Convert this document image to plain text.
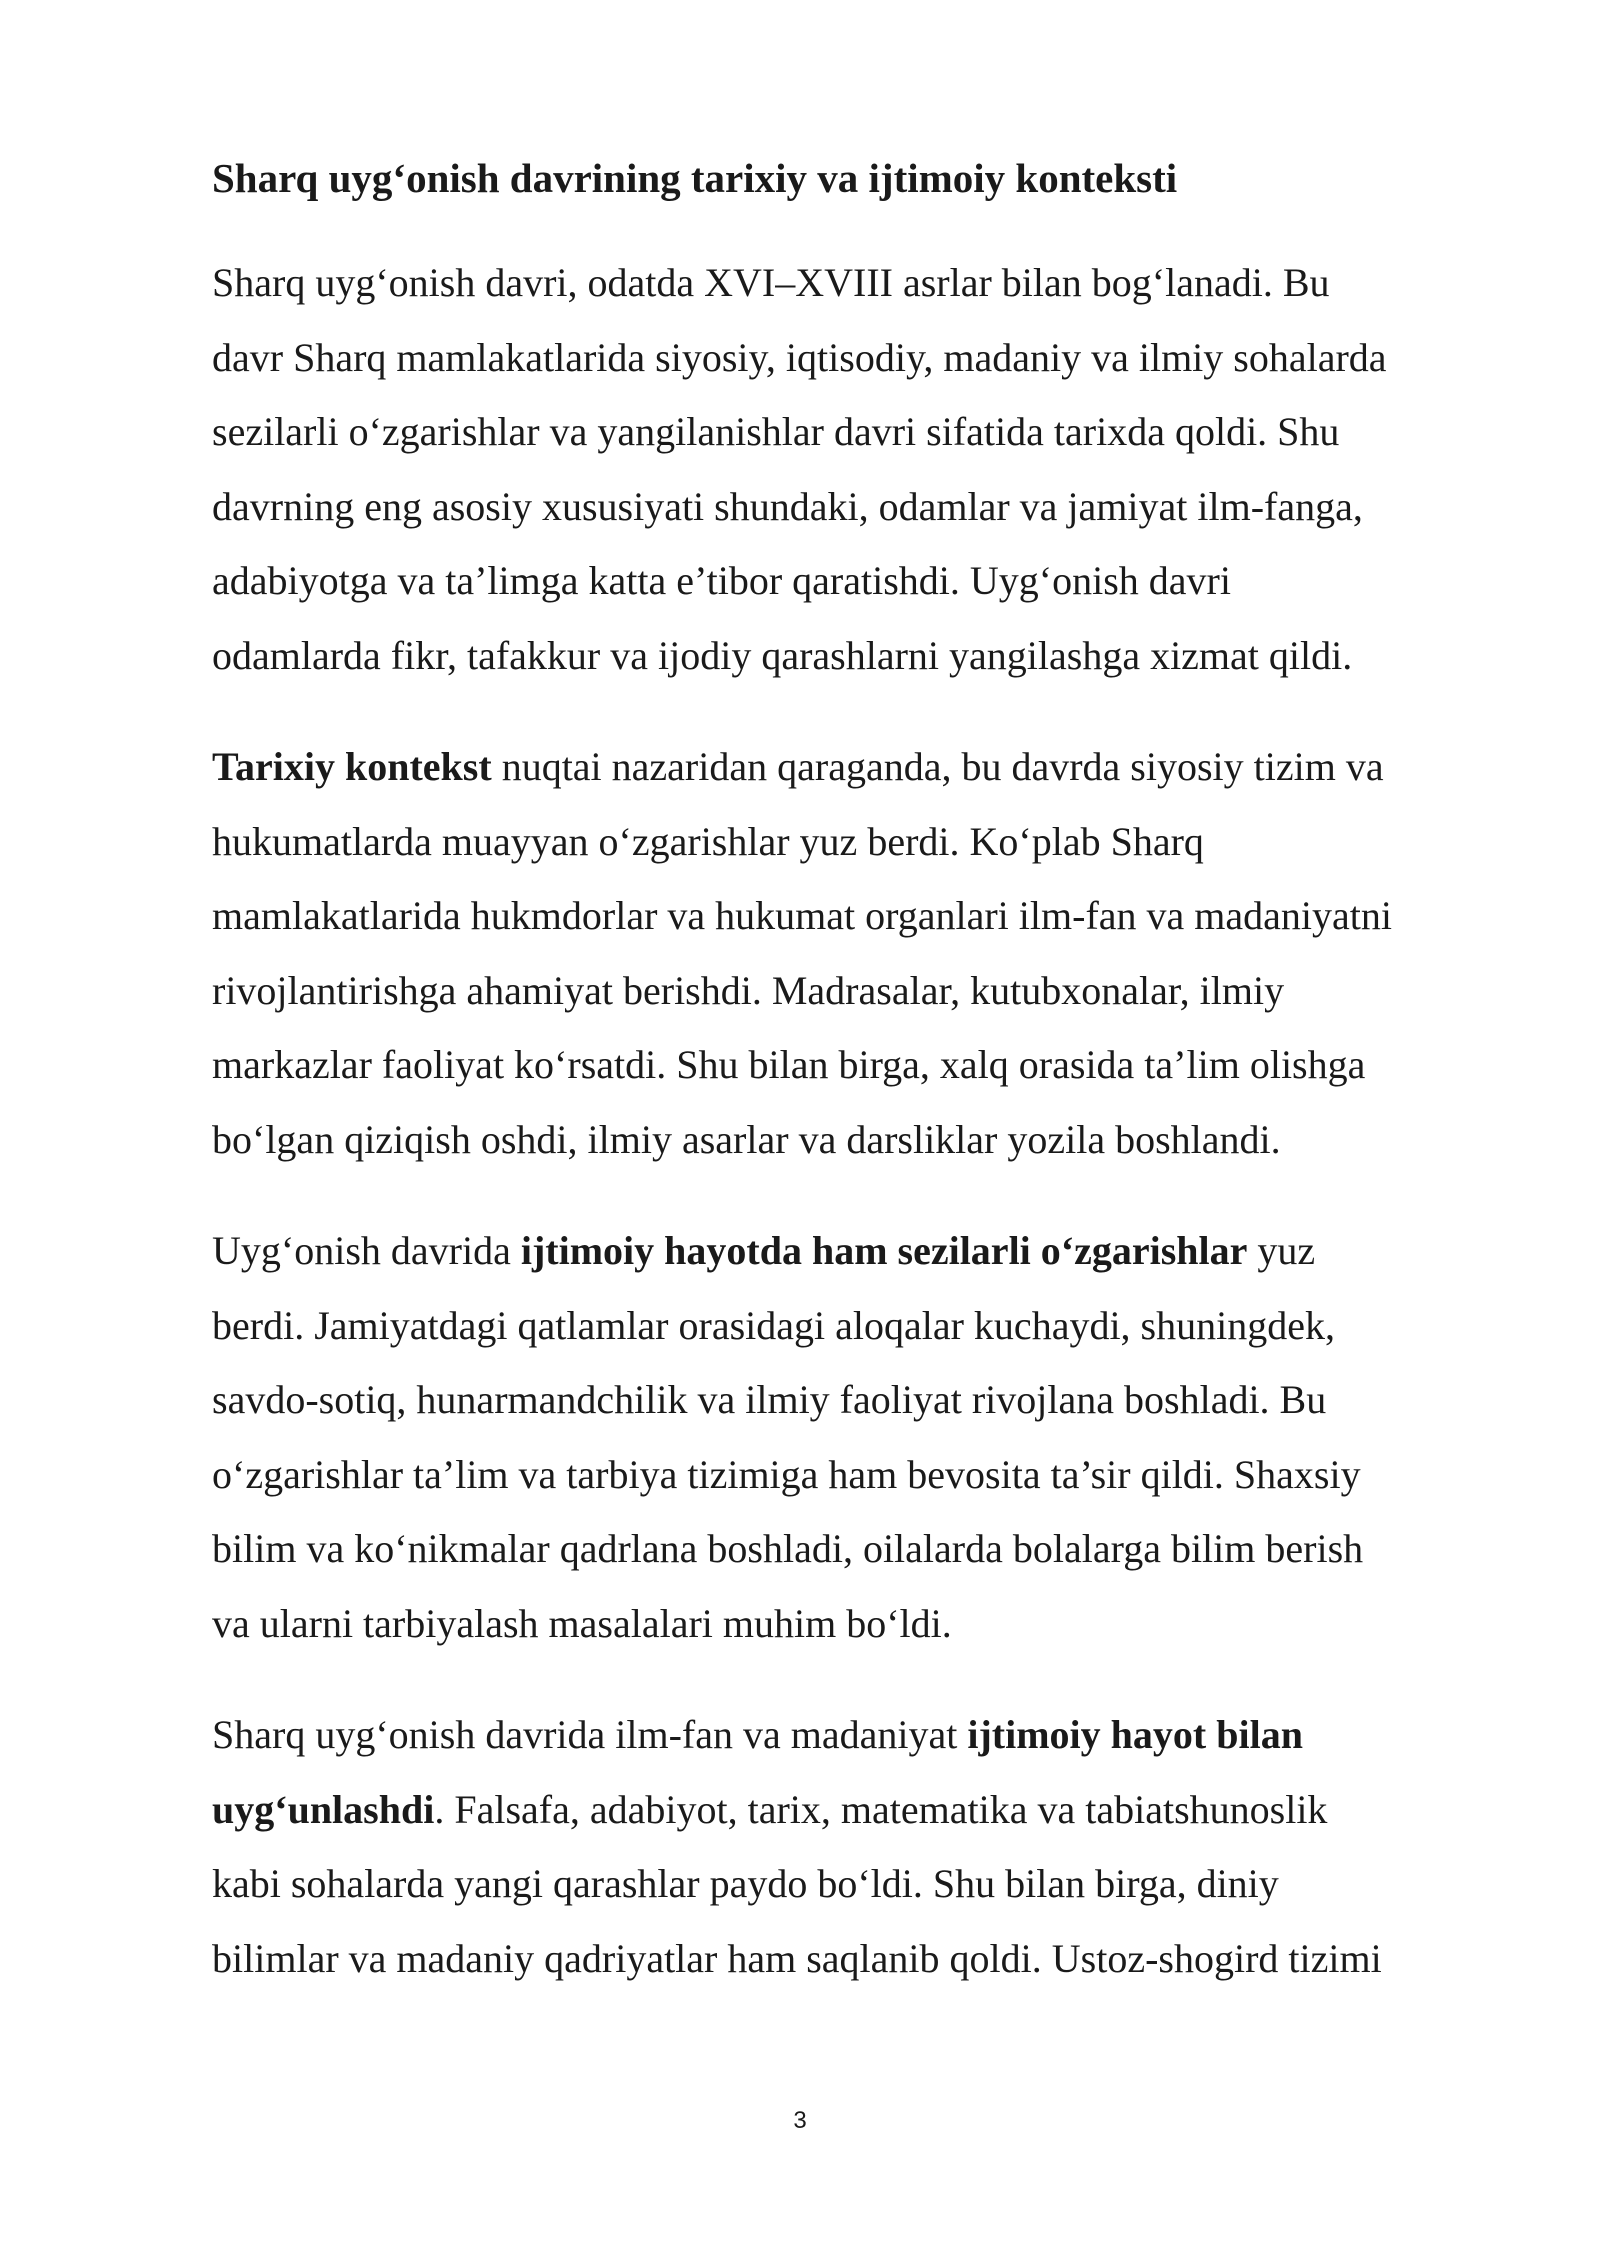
Sharq uyg‘onish davrining tarixiy va ijtimoiy konteksti
Sharq uyg‘onish davri, odatda XVI–XVIII asrlar bilan bog‘lanadi. Bu
davr Sharq mamlakatlarida siyosiy, iqtisodiy, madaniy va ilmiy sohalarda
sezilarli o‘zgarishlar va yangilanishlar davri sifatida tarixda qoldi. Shu
davrning eng asosiy xususiyati shundaki, odamlar va jamiyat ilm-fanga,
adabiyotga va ta’limga katta e’tibor qaratishdi. Uyg‘onish davri
odamlarda fikr, tafakkur va ijodiy qarashlarni yangilashga xizmat qildi.
Tarixiy kontekst nuqtai nazaridan qaraganda, bu davrda siyosiy tizim va
hukumatlarda muayyan o‘zgarishlar yuz berdi. Ko‘plab Sharq
mamlakatlarida hukmdorlar va hukumat organlari ilm-fan va madaniyatni
rivojlantirishga ahamiyat berishdi. Madrasalar, kutubxonalar, ilmiy
markazlar faoliyat ko‘rsatdi. Shu bilan birga, xalq orasida ta’lim olishga
bo‘lgan qiziqish oshdi, ilmiy asarlar va darsliklar yozila boshlandi.
Uyg‘onish davrida ijtimoiy hayotda ham sezilarli o‘zgarishlar yuz
berdi. Jamiyatdagi qatlamlar orasidagi aloqalar kuchaydi, shuningdek,
savdo-sotiq, hunarmandchilik va ilmiy faoliyat rivojlana boshladi. Bu
o‘zgarishlar ta’lim va tarbiya tizimiga ham bevosita ta’sir qildi. Shaxsiy
bilim va ko‘nikmalar qadrlana boshladi, oilalarda bolalarga bilim berish
va ularni tarbiyalash masalalari muhim bo‘ldi.
Sharq uyg‘onish davrida ilm-fan va madaniyat ijtimoiy hayot bilan
uyg‘unlashdi. Falsafa, adabiyot, tarix, matematika va tabiatshunoslik
kabi sohalarda yangi qarashlar paydo bo‘ldi. Shu bilan birga, diniy
bilimlar va madaniy qadriyatlar ham saqlanib qoldi. Ustoz-shogird tizimi
3
